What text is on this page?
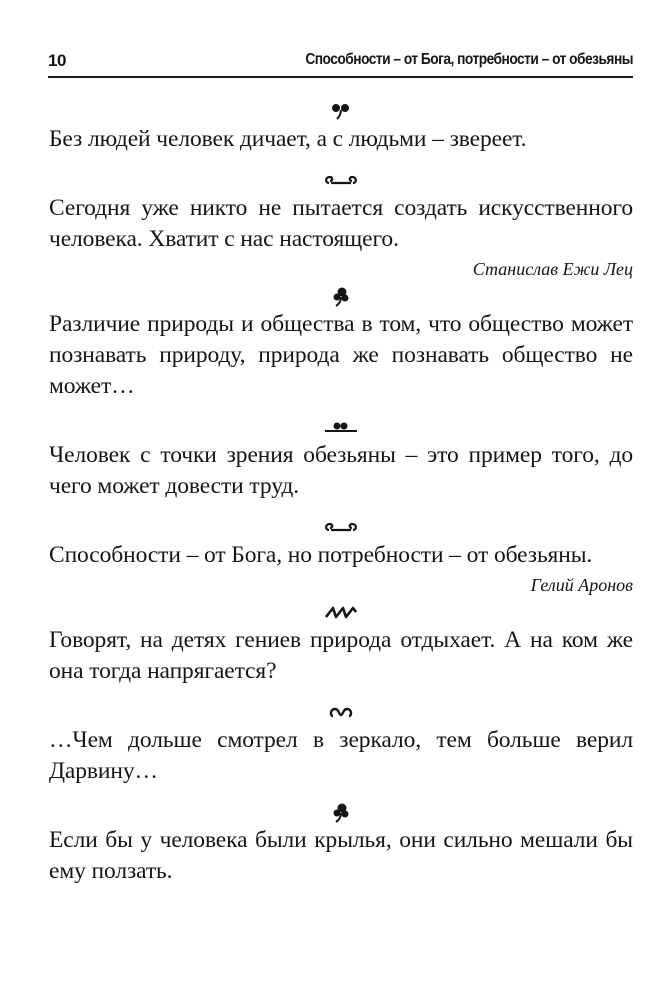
10	Способности – от Бога, потребности – от обезьяны

Без людей человек дичает, а с людьми – звереет.

Сегодня уже никто не пытается создать искусственного человека. Хватит с нас настоящего.

Станислав Ежи Лец

Различие природы и общества в том, что общество может познавать природу, природа же познавать общество не может…

Человек с точки зрения обезьяны – это пример того, до чего может довести труд.

Способности – от Бога, но потребности – от обезьяны.

Гелий Аронов

Говорят, на детях гениев природа отдыхает. А на ком же она тогда напрягается?

…Чем дольше смотрел в зеркало, тем больше верил Дарвину…

Если бы у человека были крылья, они сильно мешали бы ему ползать.
